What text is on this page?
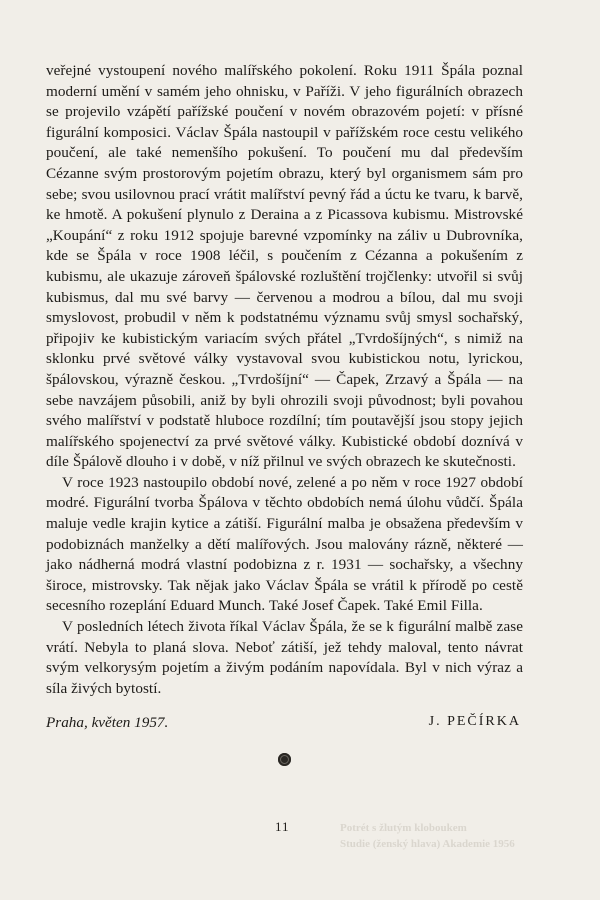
veřejné vystoupení nového malířského pokolení. Roku 1911 Špála poznal moderní umění v samém jeho ohnisku, v Paříži. V jeho figurálních obrazech se projevilo vzápětí pařížské poučení v novém obrazovém pojetí: v přísné figurální komposici. Václav Špála nastoupil v pařížském roce cestu velikého poučení, ale také nemenšího pokušení. To poučení mu dal především Cézanne svým prostorovým pojetím obrazu, který byl organismem sám pro sebe; svou usilovnou prací vrátit malířství pevný řád a úctu ke tvaru, k barvě, ke hmotě. A pokušení plynulo z Deraina a z Picassova kubismu. Mistrovské „Koupání“ z roku 1912 spojuje barevné vzpomínky na záliv u Dubrovníka, kde se Špála v roce 1908 léčil, s poučením z Cézanna a pokušením z kubismu, ale ukazuje zároveň špálovské rozluštění trojčlenky: utvořil si svůj kubismus, dal mu své barvy — červenou a modrou a bílou, dal mu svoji smyslovost, probudil v něm k podstatnému významu svůj smysl sochařský, připojiv ke kubistickým variacím svých přátel „Tvrdošíjných“, s nimiž na sklonku prvé světové války vystavoval svou kubistickou notu, lyrickou, špálovskou, výrazně českou. „Tvrdošíjní“ — Čapek, Zrzavý a Špála — na sebe navzájem působili, aniž by byli ohrozili svoji původnost; byli povahou svého malířství v podstatě hluboce rozdílní; tím poutavější jsou stopy jejich malířského spojenectví za prvé světové války. Kubistické období doznívá v díle Špálově dlouho i v době, v níž přilnul ve svých obrazech ke skutečnosti.

V roce 1923 nastoupilo období nové, zelené a po něm v roce 1927 období modré. Figurální tvorba Špálova v těchto obdobích nemá úlohu vůdčí. Špála maluje vedle krajin kytice a zátiší. Figurální malba je obsažena především v podobiznách manželky a dětí malířových. Jsou malovány rázně, některé — jako nádherná modrá vlastní podobizna z r. 1931 — sochařsky, a všechny široce, mistrovsky. Tak nějak jako Václav Špála se vrátil k přírodě po cestě secesního rozeplání Eduard Munch. Také Josef Čapek. Také Emil Filla.

V posledních létech života říkal Václav Špála, že se k figurální malbě zase vrátí. Nebyla to planá slova. Neboť zátiší, jež tehdy maloval, tento návrat svým velkorysým pojetím a živým podáním napovídala. Byl v nich výraz a síla živých bytostí.

Praha, květen 1957.	J. PEČÍRKA
11	Potrét s žlutým kloboukem
Studie (ženský hlava) Akademie 1956
